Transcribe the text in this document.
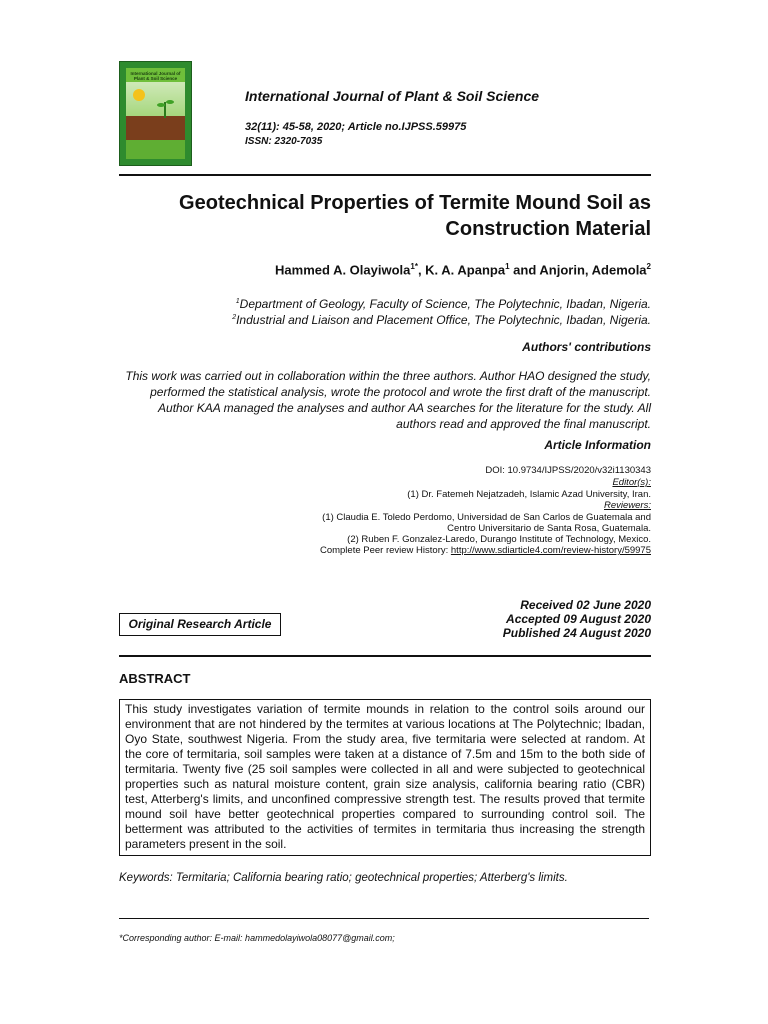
International Journal of Plant & Soil Science
International Journal of Plant & Soil Science
32(11): 45-58, 2020; Article no.IJPSS.59975
ISSN: 2320-7035
Geotechnical Properties of Termite Mound Soil as
Construction Material
Hammed A. Olayiwola$^{1*}$, K. A. Apanpa$^1$ and Anjorin, Ademola$^2$
$^1$Department of Geology, Faculty of Science, The Polytechnic, Ibadan, Nigeria.
$^2$Industrial and Liaison and Placement Office, The Polytechnic, Ibadan, Nigeria.
Authors' contributions
This work was carried out in collaboration within the three authors. Author HAO designed the study, performed the statistical analysis, wrote the protocol and wrote the first draft of the manuscript. Author KAA managed the analyses and author AA searches for the literature for the study. All authors read and approved the final manuscript.
Article Information
DOI: 10.9734/IJPSS/2020/v32i1130343
Editor(s):
(1) Dr. Fatemeh Nejatzadeh, Islamic Azad University, Iran.
Reviewers:
(1) Claudia E. Toledo Perdomo, Universidad de San Carlos de Guatemala and
Centro Universitario de Santa Rosa, Guatemala.
(2) Ruben F. Gonzalez-Laredo, Durango Institute of Technology, Mexico.
Complete Peer review History: http://www.sdiarticle4.com/review-history/59975
Original Research Article
Received 02 June 2020
Accepted 09 August 2020
Published 24 August 2020
ABSTRACT
This study investigates variation of termite mounds in relation to the control soils around our environment that are not hindered by the termites at various locations at The Polytechnic; Ibadan, Oyo State, southwest Nigeria. From the study area, five termitaria were selected at random. At the core of termitaria, soil samples were taken at a distance of 7.5m and 15m to the both side of termitaria. Twenty five (25 soil samples were collected in all and were subjected to geotechnical properties such as natural moisture content, grain size analysis, california bearing ratio (CBR) test, Atterberg's limits, and unconfined compressive strength test. The results proved that termite mound soil have better geotechnical properties compared to surrounding control soil. The betterment was attributed to the activities of termites in termitaria thus increasing the strength parameters present in the soil.
Keywords: Termitaria; California bearing ratio; geotechnical properties; Atterberg's limits.
*Corresponding author: E-mail: hammedolayiwola08077@gmail.com;
